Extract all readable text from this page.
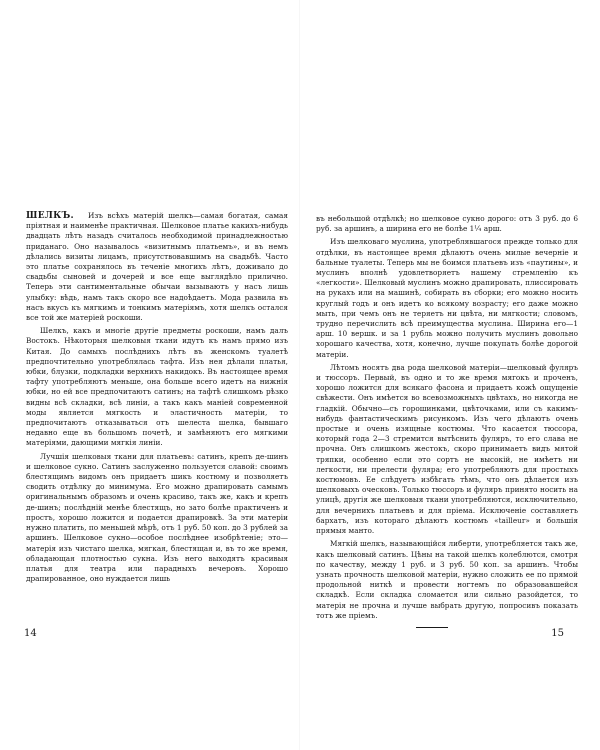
ШЕЛКЪ. Изъ всѣхъ матерій шелкъ—самая богатая, самая пріятная и наименѣе практичная. Шелковое платье какихъ-нибудь двадцать лѣтъ назадъ считалось необходимой принадлежностью приданаго. Оно называлось «визитнымъ платьемъ», и въ немъ дѣлались визиты лицамъ, присутствовавшимъ на свадьбѣ. Часто это платье сохранялось въ теченіе многихъ лѣтъ, доживало до свадьбы сыновей и дочерей и все еще выглядѣло прилично. Теперь эти сантиментальные обычаи вызываютъ у насъ лишь улыбку: вѣдь, намъ такъ скоро все надоѣдаетъ. Мода развила въ насъ вкусъ къ мягкимъ и тонкимъ матеріямъ, хотя шелкъ остался все той же матеріей роскоши.

Шелкъ, какъ и многіе другіе предметы роскоши, намъ далъ Востокъ. Нѣкоторыя шелковыя ткани идутъ къ намъ прямо изъ Китая. До самыхъ послѣднихъ лѣтъ въ женскомъ туалетѣ предпочтительно употреблялась тафта. Изъ нея дѣлали платья, юбки, блузки, подкладки верхнихъ накидокъ. Въ настоящее время тафту употребляютъ меньше, она больше всего идетъ на нижнія юбки, но ей все предпочитаютъ сатинъ; на тафтѣ слишкомъ рѣзко видны всѣ складки, всѣ линіи, а такъ какъ маніей современной моды является мягкость и эластичность матеріи, то предпочитаютъ отказываться отъ шелеста шелка, бывшаго недавно еще въ большомъ почетѣ, и замѣняютъ его мягкими матеріями, дающими мягкія линіи.

Лучшія шелковыя ткани для платьевъ: сатинъ, крепъ де-шинъ и шелковое сукно. Сатинъ заслуженно пользуется славой: своимъ блестящимъ видомъ онъ придаетъ шикъ костюму и позволяетъ сводить отдѣлку до минимума. Его можно драпировать самымъ оригинальнымъ образомъ и очень красиво, такъ же, какъ и крепъ де-шинъ; послѣдній менѣе блестящъ, но зато болѣе практиченъ и простъ, хорошо ложится и подается драпировкѣ. За эти матеріи нужно платить, по меньшей мѣрѣ, отъ 1 руб. 50 коп. до 3 рублей за аршинъ. Шелковое сукно—особое послѣднее изобрѣтеніе; это—матерія изъ чистаго шелка, мягкая, блестящая и, въ то же время, обладающая плотностью сукна. Изъ него выходятъ красивыя платья для театра или парадныхъ вечеровъ. Хорошо драпированное, оно нуждается лишь

14

въ небольшой отдѣлкѣ; но шелковое сукно дорого: отъ 3 руб. до 6 руб. за аршинъ, а ширина его не болѣе 1¼ арш.

Изъ шелковаго муслина, употреблявшагося прежде только для отдѣлки, въ настоящее время дѣлаютъ очень милые вечерніе и бальные туалеты. Теперь мы не боимся платьевъ изъ «паутины», и муслинъ вполнѣ удовлетворяетъ нашему стремленію къ «легкости». Шелковый муслинъ можно драпировать, плиссировать на рукахъ или на машинѣ, собирать въ сборки; его можно носить круглый годъ и онъ идетъ ко всякому возрасту; его даже можно мыть, при чемъ онъ не теряетъ ни цвѣта, ни мягкости; словомъ, трудно перечислить всѣ преимущества муслина. Ширина его—1 арш. 10 вершк. и за 1 рубль можно получить муслинъ довольно хорошаго качества, хотя, конечно, лучше покупать болѣе дорогой матеріи.

Лѣтомъ носятъ два рода шелковой матеріи—шелковый фуляръ и тюссоръ. Первый, въ одно и то же время мягокъ и проченъ, хорошо ложится для всякаго фасона и придаетъ кожѣ ощущеніе свѣжести. Онъ имѣется во всевозможныхъ цвѣтахъ, но никогда не гладкій. Обычно—съ горошинками, цвѣточками, или съ какимъ-нибудь фантастическимъ рисункомъ. Изъ чего дѣлаютъ очень простые и очень изящные костюмы. Что касается тюссора, который года 2—3 стремится вытѣснить фуляръ, то его слава не прочна. Онъ слишкомъ жестокъ, скоро принимаетъ видъ мятой тряпки, особенно если это сортъ не высокій, не имѣетъ ни легкости, ни прелести фуляра; его употребляютъ для простыхъ костюмовъ. Ее слѣдуетъ избѣгать тѣмъ, что онъ дѣлается изъ шелковыхъ оческовъ. Только тюссоръ и фуляръ принято носить на улицѣ, другія же шелковыя ткани употребляются, исключительно, для вечернихъ платьевъ и для пріема. Исключеніе составляетъ бархатъ, изъ котораго дѣлаютъ костюмъ «tailleur» и большія прямыя манто.

Мягкій шелкъ, называющійся либерти, употребляется такъ же, какъ шелковый сатинъ. Цѣны на такой шелкъ колеблются, смотря по качеству, между 1 руб. и 3 руб. 50 коп. за аршинъ. Чтобы узнать прочность шелковой матеріи, нужно сложить ее по прямой продольной ниткѣ и провести ногтемъ по образовавшейся складкѣ. Если складка сломается или сильно разойдется, то матерія не прочна и лучше выбрать другую, попросивъ показать тотъ же пріемъ.

15
